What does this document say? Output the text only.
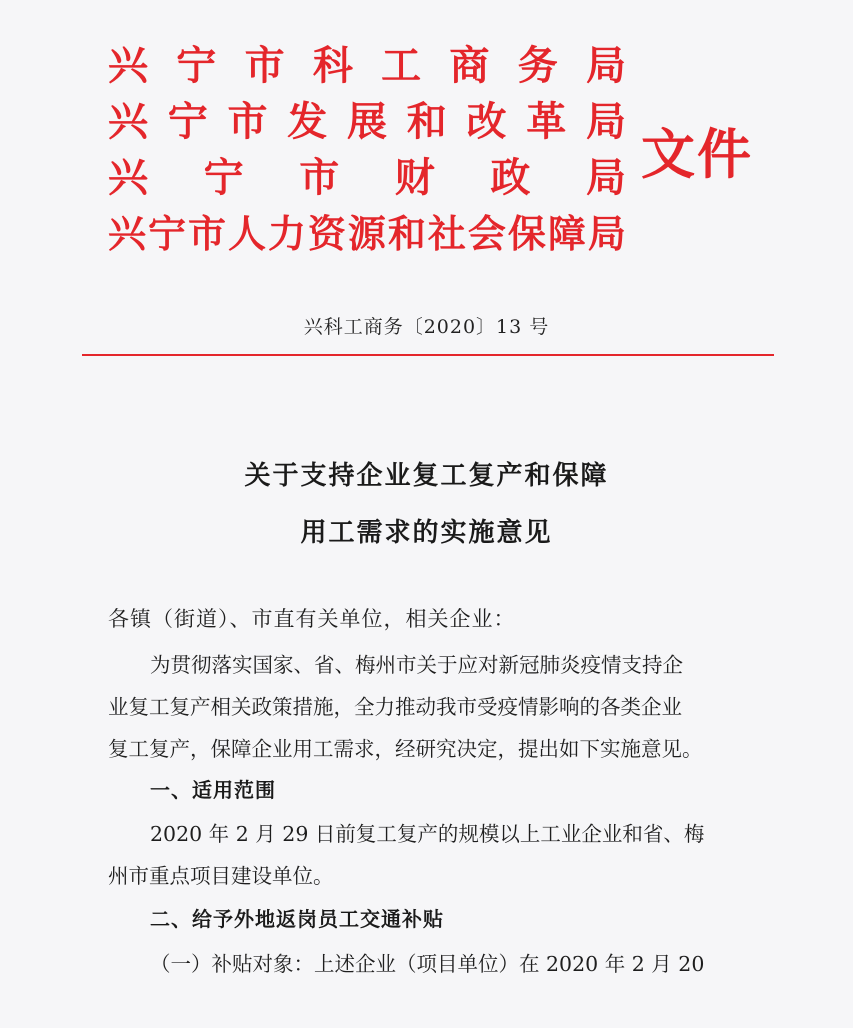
兴 宁 市 科 工 商 务 局
兴 宁 市 发 展 和 改 革 局
兴 宁 市 财 政 局
兴 宁 市 人 力 资 源 和 社 会 保 障 局
文件
兴科工商务〔2020〕13 号
关于支持企业复工复产和保障
用工需求的实施意见
各镇（街道）、市直有关单位，相关企业：
为贯彻落实国家、省、梅州市关于应对新冠肺炎疫情支持企
业复工复产相关政策措施，全力推动我市受疫情影响的各类企业
复工复产，保障企业用工需求，经研究决定，提出如下实施意见。
一、适用范围
2020 年 2 月 29 日前复工复产的规模以上工业企业和省、梅
州市重点项目建设单位。
二、给予外地返岗员工交通补贴
（一）补贴对象：上述企业（项目单位）在 2020 年 2 月 20
